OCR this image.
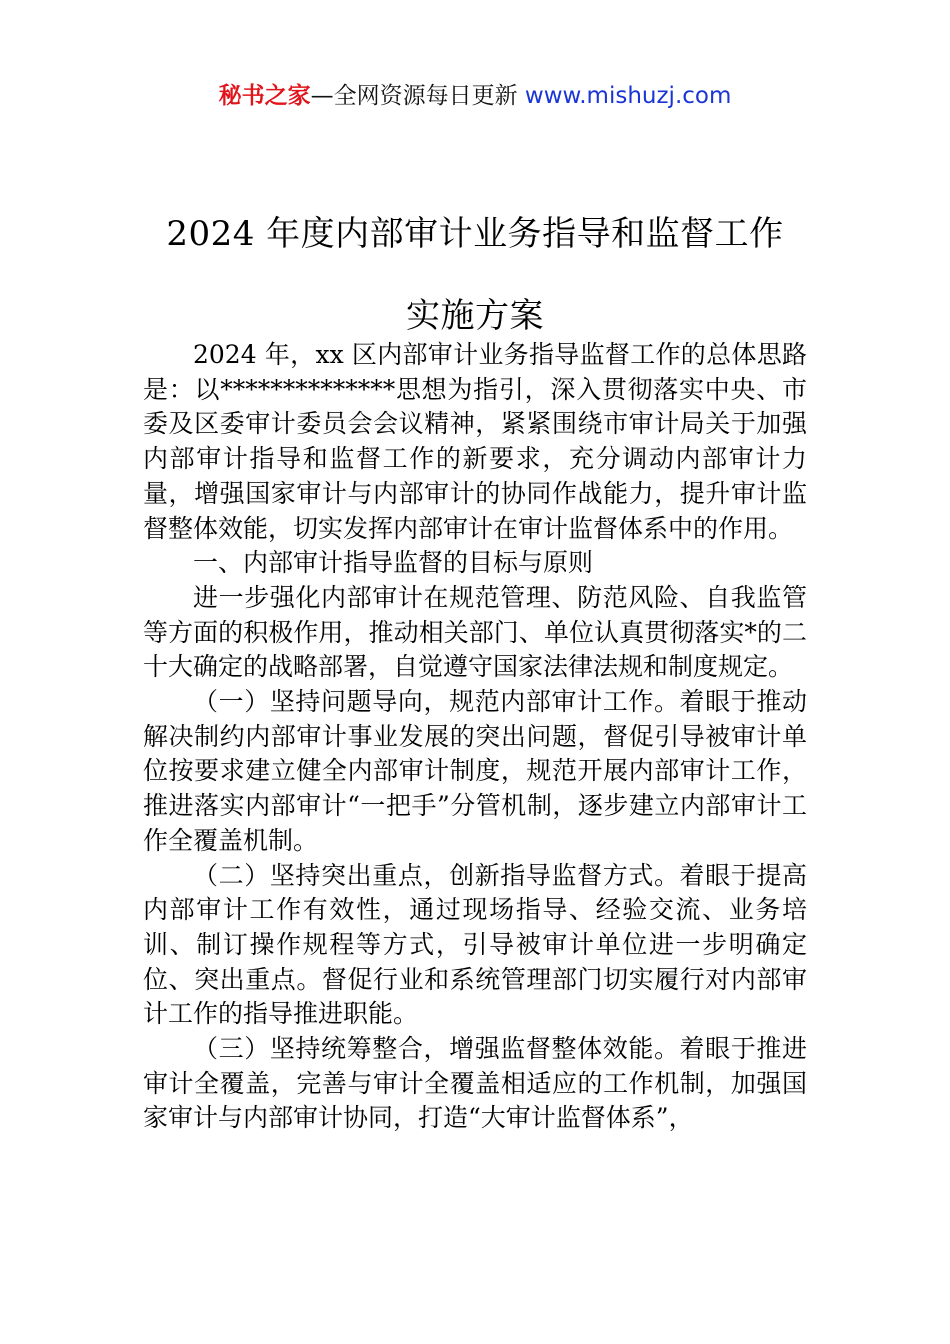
秘书之家—全网资源每日更新 www.mishuzj.com
2024 年度内部审计业务指导和监督工作
实施方案

2024 年，xx 区内部审计业务指导监督工作的总体思路是：以**************思想为指引，深入贯彻落实中央、市委及区委审计委员会会议精神，紧紧围绕市审计局关于加强内部审计指导和监督工作的新要求，充分调动内部审计力量，增强国家审计与内部审计的协同作战能力，提升审计监督整体效能，切实发挥内部审计在审计监督体系中的作用。

一、内部审计指导监督的目标与原则

进一步强化内部审计在规范管理、防范风险、自我监管等方面的积极作用，推动相关部门、单位认真贯彻落实*的二十大确定的战略部署，自觉遵守国家法律法规和制度规定。

（一）坚持问题导向，规范内部审计工作。着眼于推动解决制约内部审计事业发展的突出问题，督促引导被审计单位按要求建立健全内部审计制度，规范开展内部审计工作，推进落实内部审计“一把手”分管机制，逐步建立内部审计工作全覆盖机制。

（二）坚持突出重点，创新指导监督方式。着眼于提高内部审计工作有效性，通过现场指导、经验交流、业务培训、制订操作规程等方式，引导被审计单位进一步明确定位、突出重点。督促行业和系统管理部门切实履行对内部审计工作的指导推进职能。

（三）坚持统筹整合，增强监督整体效能。着眼于推进审计全覆盖，完善与审计全覆盖相适应的工作机制，加强国家审计与内部审计协同，打造“大审计监督体系”，
